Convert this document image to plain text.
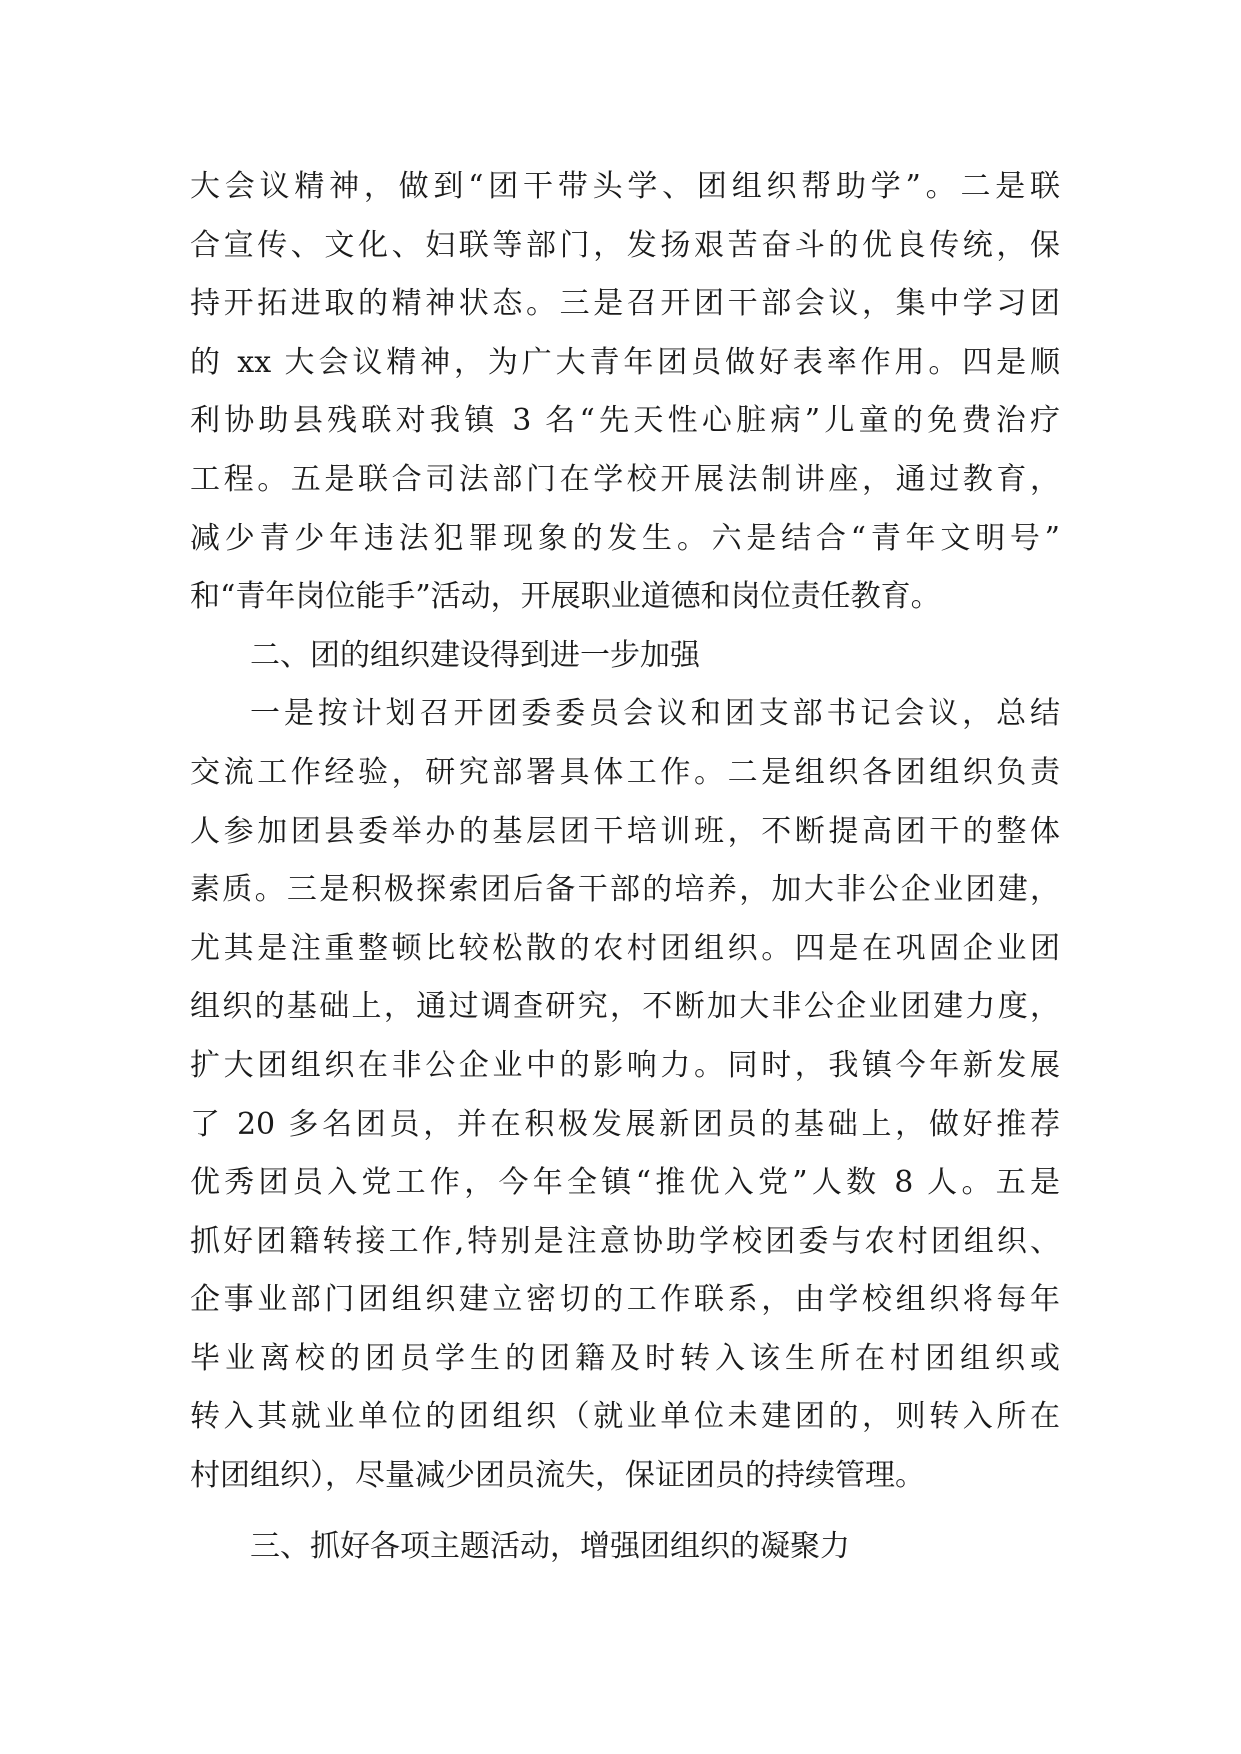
大会议精神，做到“团干带头学、团组织帮助学”。二是联
合宣传、文化、妇联等部门，发扬艰苦奋斗的优良传统，保
持开拓进取的精神状态。三是召开团干部会议，集中学习团
的 xx 大会议精神，为广大青年团员做好表率作用。四是顺
利协助县残联对我镇 3 名“先天性心脏病”儿童的免费治疗
工程。五是联合司法部门在学校开展法制讲座，通过教育，
减少青少年违法犯罪现象的发生。六是结合“青年文明号”
和“青年岗位能手”活动，开展职业道德和岗位责任教育。
二、团的组织建设得到进一步加强
一是按计划召开团委委员会议和团支部书记会议，总结
交流工作经验，研究部署具体工作。二是组织各团组织负责
人参加团县委举办的基层团干培训班，不断提高团干的整体
素质。三是积极探索团后备干部的培养，加大非公企业团建，
尤其是注重整顿比较松散的农村团组织。四是在巩固企业团
组织的基础上，通过调查研究，不断加大非公企业团建力度，
扩大团组织在非公企业中的影响力。同时，我镇今年新发展
了 20 多名团员，并在积极发展新团员的基础上，做好推荐
优秀团员入党工作，今年全镇“推优入党”人数 8 人。五是
抓好团籍转接工作,特别是注意协助学校团委与农村团组织、
企事业部门团组织建立密切的工作联系，由学校组织将每年
毕业离校的团员学生的团籍及时转入该生所在村团组织或
转入其就业单位的团组织（就业单位未建团的，则转入所在
村团组织），尽量减少团员流失，保证团员的持续管理。
三、抓好各项主题活动，增强团组织的凝聚力
